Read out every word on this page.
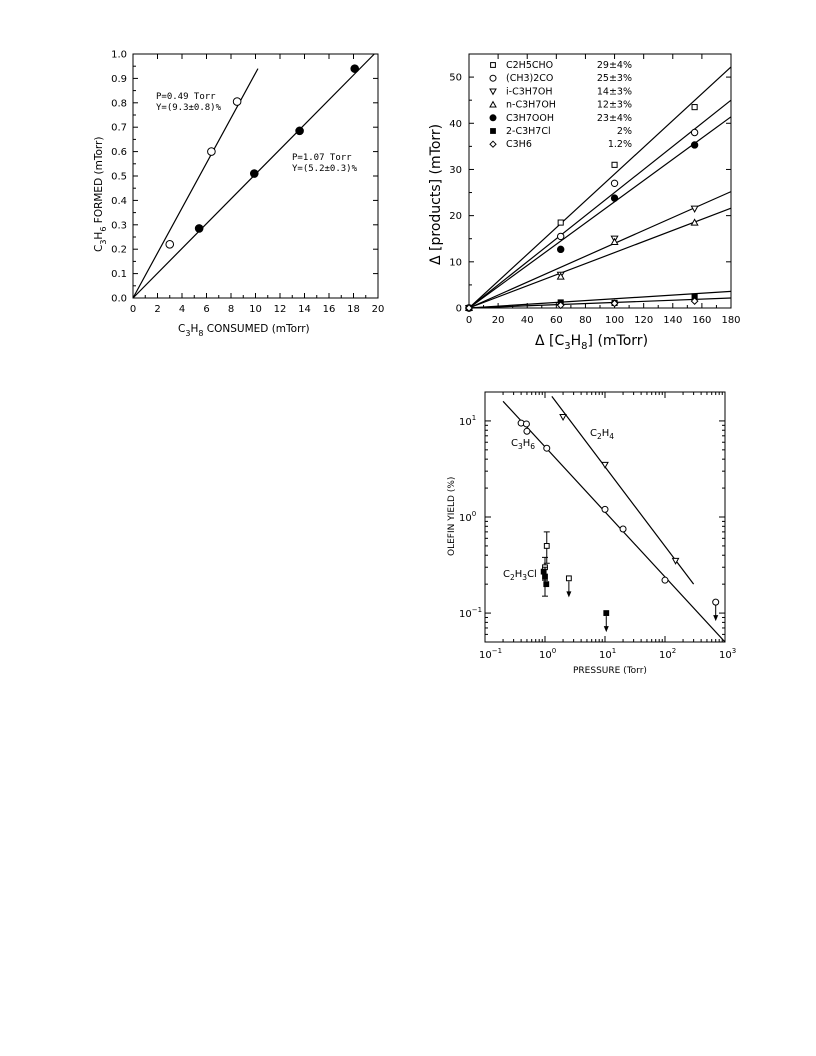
0 2 4 6 8 10 12 14 16 18 20
0.0
0.1
0.2
0.3
0.4
0.5
0.6
0.7
0.8
0.9
1.0
P=0.49 Torr
Y=(9.3±0.8)%
P=1.07 Torr
Y=(5.2±0.3)%
$C_3H_8$ CONSUMED (mTorr)
$C_3H_6$ FORMED (mTorr)
0 20 40 60 80 100 120 140 160 180
0
10
20
30
40
50
C2H5CHO	29±4%
(CH3)2CO	25±3%
i-C3H7OH	14±3%
n-C3H7OH	12±3%
C3H7OOH	23±4%
2-C3H7Cl	2%
C3H6	1.2%
Δ $[C_3H_8]$ (mTorr)
Δ [products] (mTorr)
$10^{-1}$	$10^0$	$10^1$	$10^2$	$10^3$
$10^{-1}$
$10^0$
$10^1$
$C_2H_4$
$C_3H_6$
$C_2H_3Cl$
PRESSURE (Torr)
OLEFIN YIELD (%)
